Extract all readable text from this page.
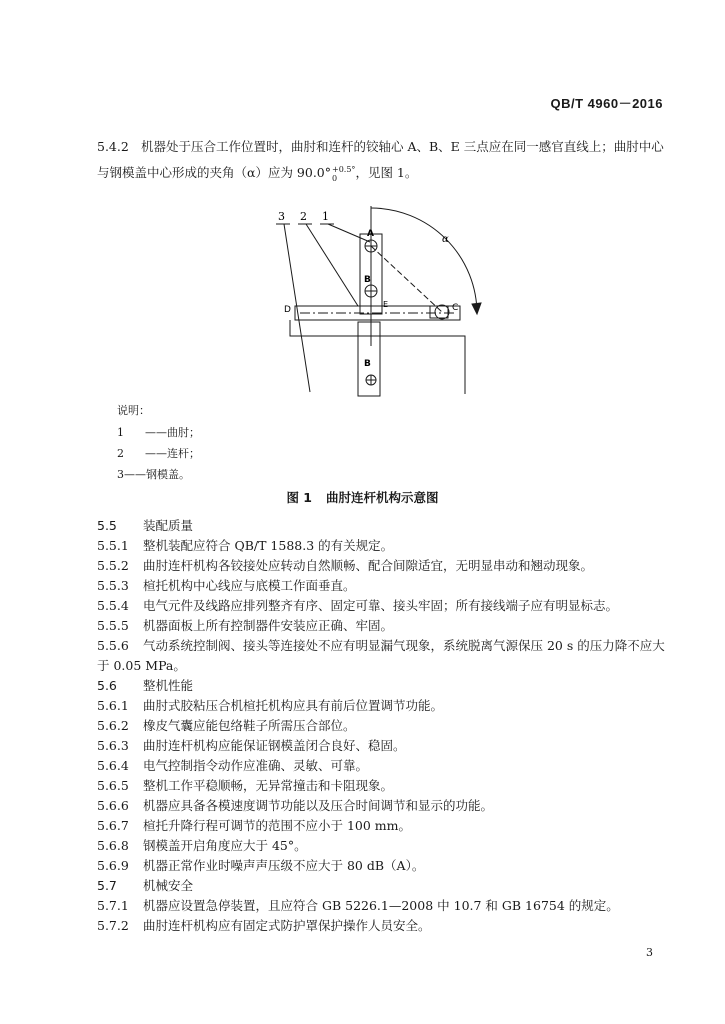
QB/T 4960－2016
5.4.2 机器处于压合工作位置时，曲肘和连杆的铰轴心 A、B、E 三点应在同一感官直线上；曲肘中心
与钢模盖中心形成的夹角（α）应为 90.0° +0.5°
0	，见图 1。
3 2 1
A
B
B
E	C
D
α
说明：
1 ——曲肘；
2 ——连杆；
3——钢模盖。
图 1 曲肘连杆机构示意图
5.5 装配质量
5.5.1 整机装配应符合 QB/T 1588.3 的有关规定。
5.5.2 曲肘连杆机构各铰接处应转动自然顺畅、配合间隙适宜，无明显串动和翘动现象。
5.5.3 楦托机构中心线应与底模工作面垂直。
5.5.4 电气元件及线路应排列整齐有序、固定可靠、接头牢固；所有接线端子应有明显标志。
5.5.5 机器面板上所有控制器件安装应正确、牢固。
5.5.6 气动系统控制阀、接头等连接处不应有明显漏气现象，系统脱离气源保压 20 s 的压力降不应大于 0.05 MPa。
5.6 整机性能
5.6.1 曲肘式胶粘压合机楦托机构应具有前后位置调节功能。
5.6.2 橡皮气囊应能包络鞋子所需压合部位。
5.6.3 曲肘连杆机构应能保证钢模盖闭合良好、稳固。
5.6.4 电气控制指令动作应准确、灵敏、可靠。
5.6.5 整机工作平稳顺畅，无异常撞击和卡阻现象。
5.6.6 机器应具备各模速度调节功能以及压合时间调节和显示的功能。
5.6.7 楦托升降行程可调节的范围不应小于 100 mm。
5.6.8 钢模盖开启角度应大于 45°。
5.6.9 机器正常作业时噪声声压级不应大于 80 dB（A）。
5.7 机械安全
5.7.1 机器应设置急停装置，且应符合 GB 5226.1—2008 中 10.7 和 GB 16754 的规定。
5.7.2 曲肘连杆机构应有固定式防护罩保护操作人员安全。
3
